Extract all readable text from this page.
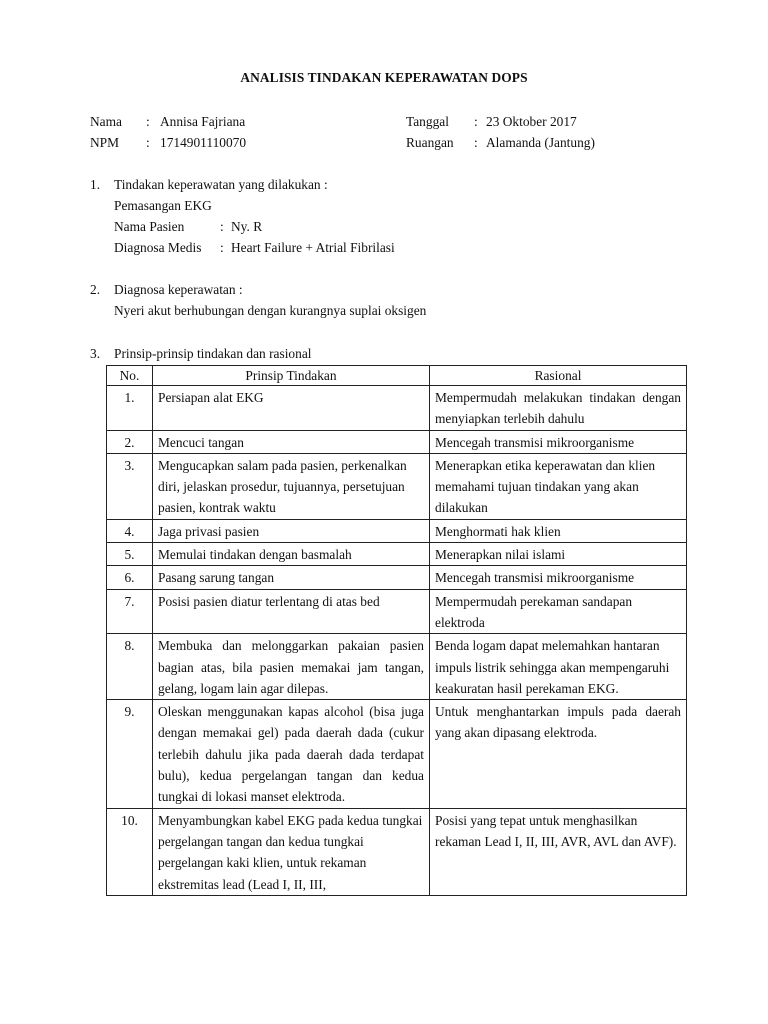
ANALISIS TINDAKAN KEPERAWATAN DOPS
Nama : Annisa Fajriana
NPM : 1714901110070
Tanggal : 23 Oktober 2017
Ruangan : Alamanda (Jantung)
1. Tindakan keperawatan yang dilakukan :
Pemasangan EKG
Nama Pasien	: Ny. R
Diagnosa Medis : Heart Failure + Atrial Fibrilasi
2. Diagnosa keperawatan :
Nyeri akut berhubungan dengan kurangnya suplai oksigen
3. Prinsip-prinsip tindakan dan rasional
No.	Prinsip Tindakan	Rasional
1.	Persiapan alat EKG	Mempermudah melakukan tindakan dengan menyiapkan terlebih dahulu
2.	Mencuci tangan	Mencegah transmisi mikroorganisme
3.	Mengucapkan salam pada pasien, perkenalkan diri, jelaskan prosedur, tujuannya, persetujuan pasien, kontrak waktu	Menerapkan etika keperawatan dan klien memahami tujuan tindakan yang akan dilakukan
4.	Jaga privasi pasien	Menghormati hak klien
5.	Memulai tindakan dengan basmalah	Menerapkan nilai islami
6.	Pasang sarung tangan	Mencegah transmisi mikroorganisme
7.	Posisi pasien diatur terlentang di atas bed	Mempermudah perekaman sandapan elektroda
8.	Membuka dan melonggarkan pakaian pasien bagian atas, bila pasien memakai jam tangan, gelang, logam lain agar dilepas.	Benda logam dapat melemahkan hantaran impuls listrik sehingga akan mempengaruhi keakuratan hasil perekaman EKG.
9.	Oleskan menggunakan kapas alcohol (bisa juga dengan memakai gel) pada daerah dada (cukur terlebih dahulu jika pada daerah dada terdapat bulu), kedua pergelangan tangan dan kedua tungkai di lokasi manset elektroda.	Untuk menghantarkan impuls pada daerah yang akan dipasang elektroda.
10.	Menyambungkan kabel EKG pada kedua tungkai pergelangan tangan dan kedua tungkai pergelangan kaki klien, untuk rekaman ekstremitas lead (Lead I, II, III,	Posisi yang tepat untuk menghasilkan rekaman Lead I, II, III, AVR, AVL dan AVF).
